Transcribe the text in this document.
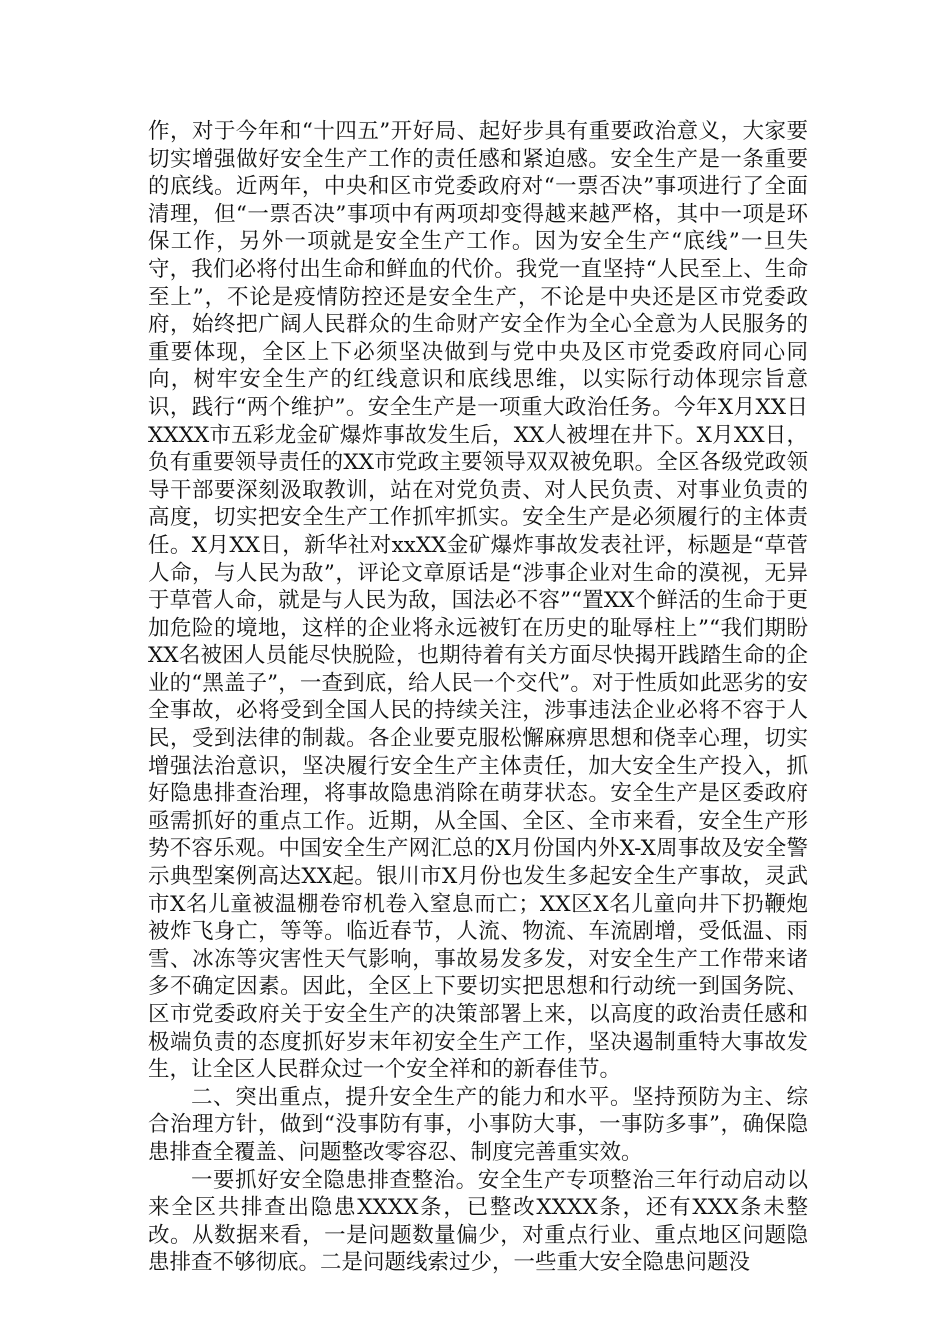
作，对于今年和“十四五”开好局、起好步具有重要政治意义，大家要切实增强做好安全生产工作的责任感和紧迫感。安全生产是一条重要的底线。近两年，中央和区市党委政府对“一票否决”事项进行了全面清理，但“一票否决”事项中有两项却变得越来越严格，其中一项是环保工作，另外一项就是安全生产工作。因为安全生产“底线”一旦失守，我们必将付出生命和鲜血的代价。我党一直坚持“人民至上、生命至上”，不论是疫情防控还是安全生产，不论是中央还是区市党委政府，始终把广阔人民群众的生命财产安全作为全心全意为人民服务的重要体现，全区上下必须坚决做到与党中央及区市党委政府同心同向，树牢安全生产的红线意识和底线思维，以实际行动体现宗旨意识，践行“两个维护”。安全生产是一项重大政治任务。今年X月XX日XXXX市五彩龙金矿爆炸事故发生后，XX人被埋在井下。X月XX日，负有重要领导责任的XX市党政主要领导双双被免职。全区各级党政领导干部要深刻汲取教训，站在对党负责、对人民负责、对事业负责的高度，切实把安全生产工作抓牢抓实。安全生产是必须履行的主体责任。X月XX日，新华社对xxXX金矿爆炸事故发表社评，标题是“草菅人命，与人民为敌”，评论文章原话是“涉事企业对生命的漠视，无异于草菅人命，就是与人民为敌，国法必不容”“置XX个鲜活的生命于更加危险的境地，这样的企业将永远被钉在历史的耻辱柱上”“我们期盼XX名被困人员能尽快脱险，也期待着有关方面尽快揭开践踏生命的企业的“黑盖子”，一查到底，给人民一个交代”。对于性质如此恶劣的安全事故，必将受到全国人民的持续关注，涉事违法企业必将不容于人民，受到法律的制裁。各企业要克服松懈麻痹思想和侥幸心理，切实增强法治意识，坚决履行安全生产主体责任，加大安全生产投入，抓好隐患排查治理，将事故隐患消除在萌芽状态。安全生产是区委政府亟需抓好的重点工作。近期，从全国、全区、全市来看，安全生产形势不容乐观。中国安全生产网汇总的X月份国内外X-X周事故及安全警示典型案例高达XX起。银川市X月份也发生多起安全生产事故，灵武市X名儿童被温棚卷帘机卷入窒息而亡；XX区X名儿童向井下扔鞭炮被炸飞身亡，等等。临近春节，人流、物流、车流剧增，受低温、雨雪、冰冻等灾害性天气影响，事故易发多发，对安全生产工作带来诸多不确定因素。因此，全区上下要切实把思想和行动统一到国务院、区市党委政府关于安全生产的决策部署上来，以高度的政治责任感和极端负责的态度抓好岁末年初安全生产工作，坚决遏制重特大事故发生，让全区人民群众过一个安全祥和的新春佳节。

二、突出重点，提升安全生产的能力和水平。坚持预防为主、综合治理方针，做到“没事防有事，小事防大事，一事防多事”，确保隐患排查全覆盖、问题整改零容忍、制度完善重实效。

一要抓好安全隐患排查整治。安全生产专项整治三年行动启动以来全区共排查出隐患XXXX条，已整改XXXX条，还有XXX条未整改。从数据来看，一是问题数量偏少，对重点行业、重点地区问题隐患排查不够彻底。二是问题线索过少，一些重大安全隐患问题没
